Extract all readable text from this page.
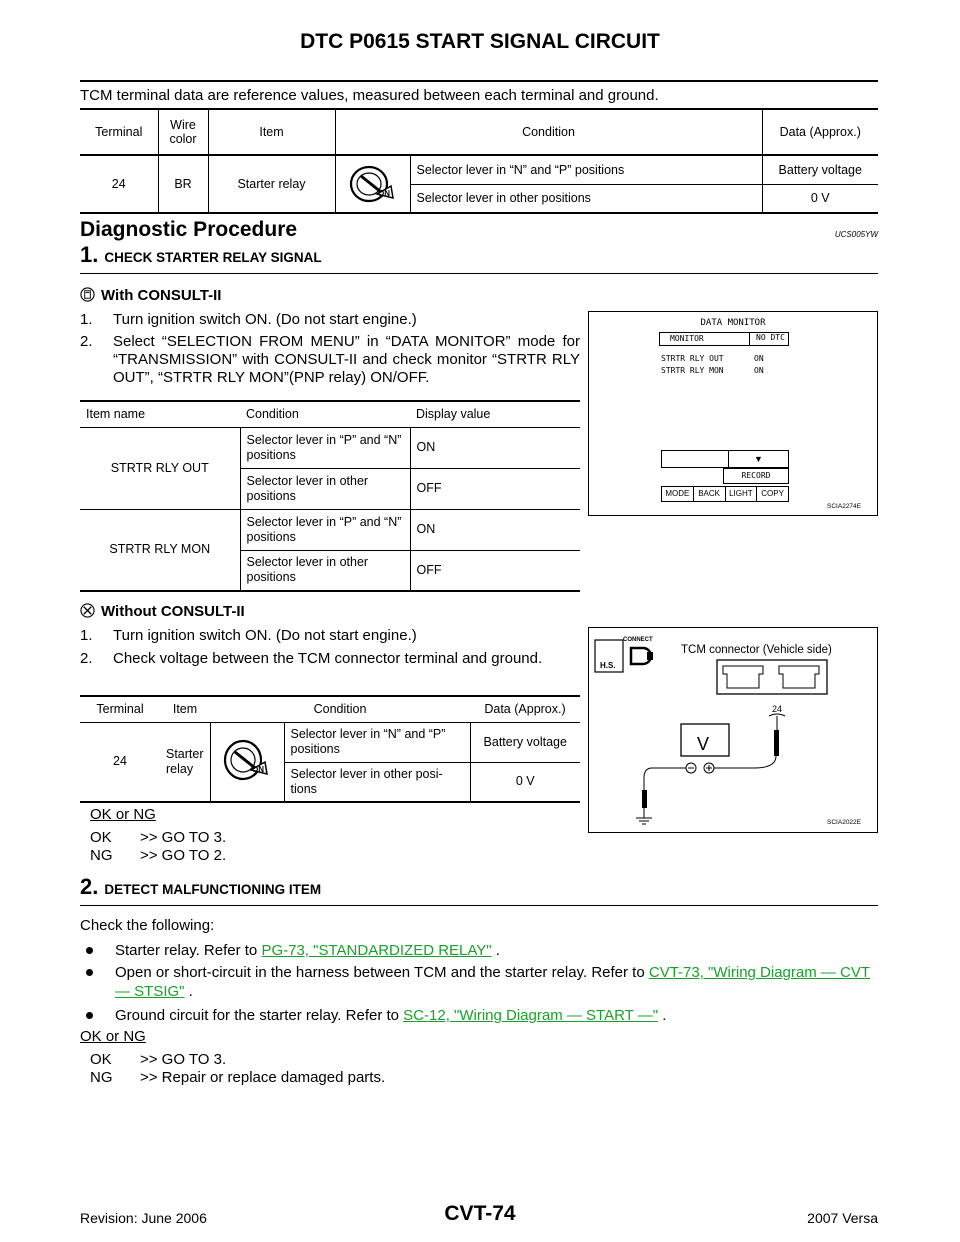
DTC P0615 START SIGNAL CIRCUIT
TCM terminal data are reference values, measured between each terminal and ground.
Terminal	Wire color	Item	Condition		Data (Approx.)
24	BR	Starter relay	ON	Selector lever in “N” and “P” positions	Battery voltage
				Selector lever in other positions	0 V
Diagnostic Procedure	UCS005YW
1. CHECK STARTER RELAY SIGNAL
With CONSULT-II
1. Turn ignition switch ON. (Do not start engine.)
2. Select “SELECTION FROM MENU” in “DATA MONITOR” mode for “TRANSMISSION” with CONSULT-II and check monitor “STRTR RLY OUT”, “STRTR RLY MON”(PNP relay) ON/OFF.
Item name	Condition	Display value
STRTR RLY OUT	Selector lever in “P” and “N” positions	ON
	Selector lever in other positions	OFF
STRTR RLY MON	Selector lever in “P” and “N” positions	ON
	Selector lever in other positions	OFF
DATA MONITOR
MONITOR	NO DTC
STRTR RLY OUT	ON
STRTR RLY MON	ON
▼
RECORD
MODE	BACK	LIGHT	COPY
SCIA2274E
Without CONSULT-II
1. Turn ignition switch ON. (Do not start engine.)
2. Check voltage between the TCM connector terminal and ground.
Terminal	Item	Condition		Data (Approx.)
24	Starter relay	ON	Selector lever in “N” and “P” positions	Battery voltage
			Selector lever in other posi-tions	0 V
H.S.
CONNECT
TCM connector (Vehicle side)
24
V
SCIA2022E
OK or NG
OK >> GO TO 3.
NG >> GO TO 2.
2. DETECT MALFUNCTIONING ITEM
Check the following:
Starter relay. Refer to PG-73, "STANDARDIZED RELAY" .
Open or short-circuit in the harness between TCM and the starter relay. Refer to CVT-73, "Wiring Diagram — CVT — STSIG" .
Ground circuit for the starter relay. Refer to SC-12, "Wiring Diagram — START —" .
OK or NG
OK >> GO TO 3.
NG >> Repair or replace damaged parts.
CVT-74
Revision: June 2006	2007 Versa
